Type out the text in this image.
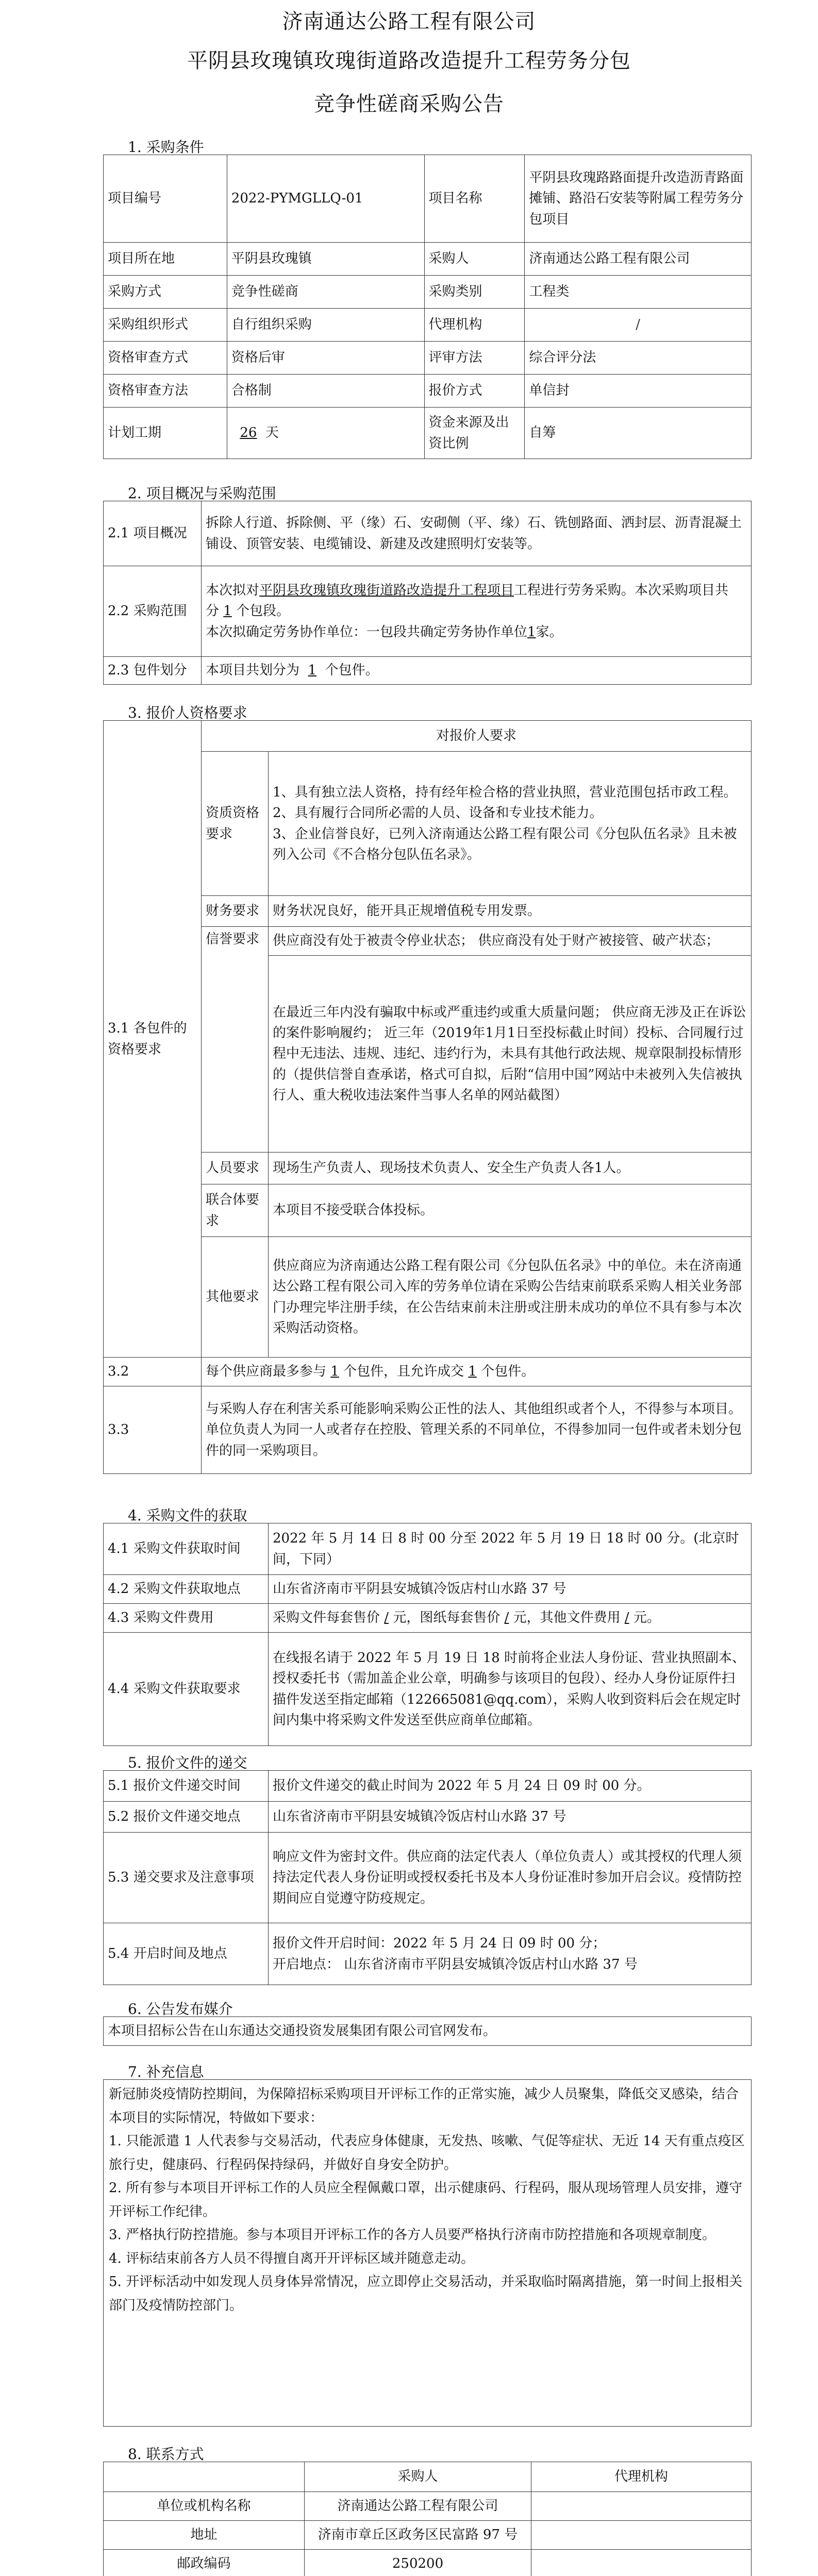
济南通达公路工程有限公司
平阴县玫瑰镇玫瑰街道路改造提升工程劳务分包
竞争性磋商采购公告
1. 采购条件
项目编号	2022-PYMGLLQ-01	项目名称	平阴县玫瑰路路面提升改造沥青路面摊铺、路沿石安装等附属工程劳务分包项目
项目所在地	平阴县玫瑰镇	采购人	济南通达公路工程有限公司
采购方式	竞争性磋商	采购类别	工程类
采购组织形式	自行组织采购	代理机构	/
资格审查方式	资格后审	评审方法	综合评分法
资格审查方法	合格制	报价方式	单信封
计划工期	26 天	资金来源及出资比例	自筹
2. 项目概况与采购范围
2.1 项目概况	拆除人行道、拆除侧、平（缘）石、安砌侧（平、缘）石、铣刨路面、洒封层、沥青混凝土铺设、顶管安装、电缆铺设、新建及改建照明灯安装等。
2.2 采购范围	本次拟对平阴县玫瑰镇玫瑰街道路改造提升工程项目工程进行劳务采购。本次采购项目共分 1 个包段。
本次拟确定劳务协作单位：一包段共确定劳务协作单位1家。
2.3 包件划分	本项目共划分为 1 个包件。
3. 报价人资格要求
3.1 各包件的资格要求	对报价人要求	
	资质资格要求	1、具有独立法人资格，持有经年检合格的营业执照，营业范围包括市政工程。
2、具有履行合同所必需的人员、设备和专业技术能力。
3、企业信誉良好，已列入济南通达公路工程有限公司《分包队伍名录》且未被列入公司《不合格分包队伍名录》。

	财务要求	财务状况良好，能开具正规增值税专用发票。
	信誉要求	供应商没有处于被责令停业状态； 供应商没有处于财产被接管、破产状态；
		在最近三年内没有骗取中标或严重违约或重大质量问题； 供应商无涉及正在诉讼的案件影响履约； 近三年（2019年1月1日至投标截止时间）投标、合同履行过程中无违法、违规、违纪、违约行为，未具有其他行政法规、规章限制投标情形的（提供信誉自查承诺，格式可自拟，后附“信用中国”网站中未被列入失信被执行人、重大税收违法案件当事人名单的网站截图）
	人员要求	现场生产负责人、现场技术负责人、安全生产负责人各1人。
	联合体要求	本项目不接受联合体投标。
	其他要求	供应商应为济南通达公路工程有限公司《分包队伍名录》中的单位。未在济南通达公路工程有限公司入库的劳务单位请在采购公告结束前联系采购人相关业务部门办理完毕注册手续，在公告结束前未注册或注册未成功的单位不具有参与本次采购活动资格。
3.2	每个供应商最多参与 1 个包件，且允许成交 1 个包件。	
3.3	与采购人存在利害关系可能影响采购公正性的法人、其他组织或者个人，不得参与本项目。单位负责人为同一人或者存在控股、管理关系的不同单位，不得参加同一包件或者未划分包件的同一采购项目。	
4. 采购文件的获取
4.1 采购文件获取时间	2022 年 5 月 14 日 8 时 00 分至 2022 年 5 月 19 日 18 时 00 分。(北京时间，下同）
4.2 采购文件获取地点	山东省济南市平阴县安城镇冷饭店村山水路 37 号
4.3 采购文件费用	采购文件每套售价 / 元，图纸每套售价 / 元，其他文件费用 / 元。
4.4 采购文件获取要求	在线报名请于 2022 年 5 月 19 日 18 时前将企业法人身份证、营业执照副本、授权委托书（需加盖企业公章，明确参与该项目的包段）、经办人身份证原件扫描件发送至指定邮箱（122665081@qq.com），采购人收到资料后会在规定时间内集中将采购文件发送至供应商单位邮箱。
5. 报价文件的递交
5.1 报价文件递交时间	报价文件递交的截止时间为 2022 年 5 月 24 日 09 时 00 分。
5.2 报价文件递交地点	山东省济南市平阴县安城镇冷饭店村山水路 37 号
5.3 递交要求及注意事项	响应文件为密封文件。供应商的法定代表人（单位负责人）或其授权的代理人须持法定代表人身份证明或授权委托书及本人身份证准时参加开启会议。疫情防控期间应自觉遵守防疫规定。
5.4 开启时间及地点	报价文件开启时间：2022 年 5 月 24 日 09 时 00 分；
开启地点： 山东省济南市平阴县安城镇冷饭店村山水路 37 号
6. 公告发布媒介
本项目招标公告在山东通达交通投资发展集团有限公司官网发布。
7. 补充信息
新冠肺炎疫情防控期间，为保障招标采购项目开评标工作的正常实施，减少人员聚集，降低交叉感染，结合本项目的实际情况，特做如下要求：
1. 只能派遣 1 人代表参与交易活动，代表应身体健康，无发热、咳嗽、气促等症状、无近 14 天有重点疫区旅行史，健康码、行程码保持绿码，并做好自身安全防护。
2. 所有参与本项目开评标工作的人员应全程佩戴口罩，出示健康码、行程码，服从现场管理人员安排，遵守开评标工作纪律。
3. 严格执行防控措施。参与本项目开评标工作的各方人员要严格执行济南市防控措施和各项规章制度。
4. 评标结束前各方人员不得擅自离开开评标区域并随意走动。
5. 开评标活动中如发现人员身体异常情况，应立即停止交易活动，并采取临时隔离措施，第一时间上报相关部门及疫情防控部门。
8. 联系方式
	采购人	代理机构
单位或机构名称	济南通达公路工程有限公司	
地址	济南市章丘区政务区民富路 97 号	
邮政编码	250200	
